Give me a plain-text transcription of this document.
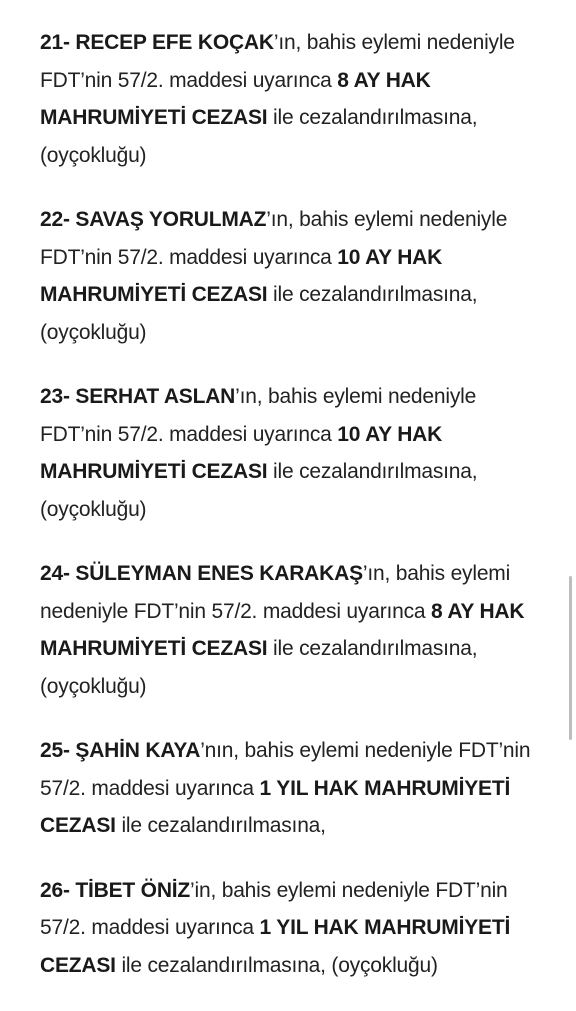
21- RECEP EFE KOÇAK’ın, bahis eylemi nedeniyle FDT’nin 57/2. maddesi uyarınca 8 AY HAK MAHRUMİYETİ CEZASI ile cezalandırılmasına, (oyçokluğu)

22- SAVAŞ YORULMAZ’ın, bahis eylemi nedeniyle FDT’nin 57/2. maddesi uyarınca 10 AY HAK MAHRUMİYETİ CEZASI ile cezalandırılmasına, (oyçokluğu)

23- SERHAT ASLAN’ın, bahis eylemi nedeniyle FDT’nin 57/2. maddesi uyarınca 10 AY HAK MAHRUMİYETİ CEZASI ile cezalandırılmasına, (oyçokluğu)

24- SÜLEYMAN ENES KARAKAŞ’ın, bahis eylemi nedeniyle FDT’nin 57/2. maddesi uyarınca 8 AY HAK MAHRUMİYETİ CEZASI ile cezalandırılmasına, (oyçokluğu)

25- ŞAHİN KAYA’nın, bahis eylemi nedeniyle FDT’nin 57/2. maddesi uyarınca 1 YIL HAK MAHRUMİYETİ CEZASI ile cezalandırılmasına,

26- TİBET ÖNİZ’in, bahis eylemi nedeniyle FDT’nin 57/2. maddesi uyarınca 1 YIL HAK MAHRUMİYETİ CEZASI ile cezalandırılmasına, (oyçokluğu)
